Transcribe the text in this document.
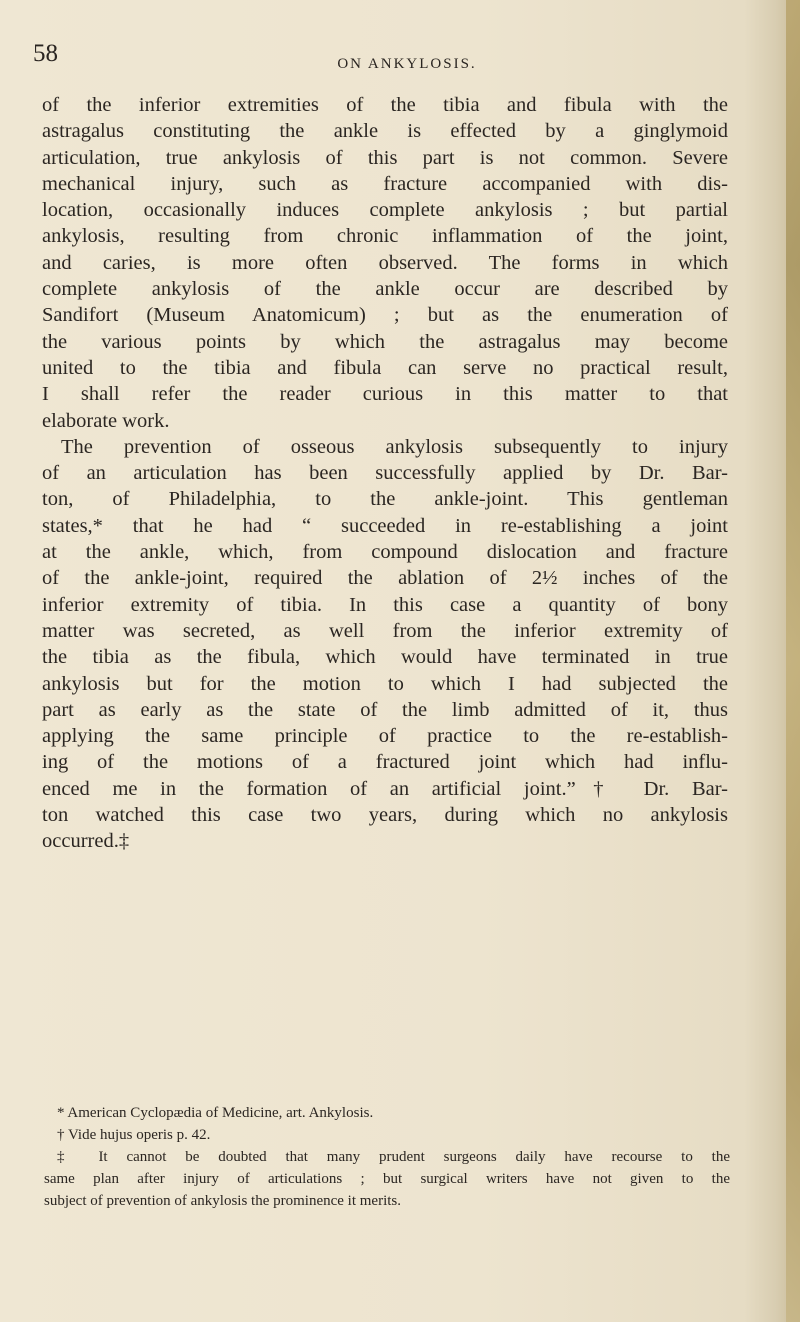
58	ON ANKYLOSIS.

of the inferior extremities of the tibia and fibula with the

astragalus constituting the ankle is effected by a ginglymoid

articulation, true ankylosis of this part is not common. Severe

mechanical injury, such as fracture accompanied with dis-

location, occasionally induces complete ankylosis ; but partial

ankylosis, resulting from chronic inflammation of the joint,

and caries, is more often observed. The forms in which

complete ankylosis of the ankle occur are described by

Sandifort (Museum Anatomicum) ; but as the enumeration of

the various points by which the astragalus may become

united to the tibia and fibula can serve no practical result,

I shall refer the reader curious in this matter to that

elaborate work.

The prevention of osseous ankylosis subsequently to injury

of an articulation has been successfully applied by Dr. Bar-

ton, of Philadelphia, to the ankle-joint. This gentleman

states,* that he had “ succeeded in re-establishing a joint

at the ankle, which, from compound dislocation and fracture

of the ankle-joint, required the ablation of 2½ inches of the

inferior extremity of tibia. In this case a quantity of bony

matter was secreted, as well from the inferior extremity of

the tibia as the fibula, which would have terminated in true

ankylosis but for the motion to which I had subjected the

part as early as the state of the limb admitted of it, thus

applying the same principle of practice to the re-establish-

ing of the motions of a fractured joint which had influ-

enced me in the formation of an artificial joint.”† Dr. Bar-

ton watched this case two years, during which no ankylosis

occurred.‡

* American Cyclopædia of Medicine, art. Ankylosis.

† Vide hujus operis p. 42.

‡ It cannot be doubted that many prudent surgeons daily have recourse to the

same plan after injury of articulations ; but surgical writers have not given to the

subject of prevention of ankylosis the prominence it merits.
